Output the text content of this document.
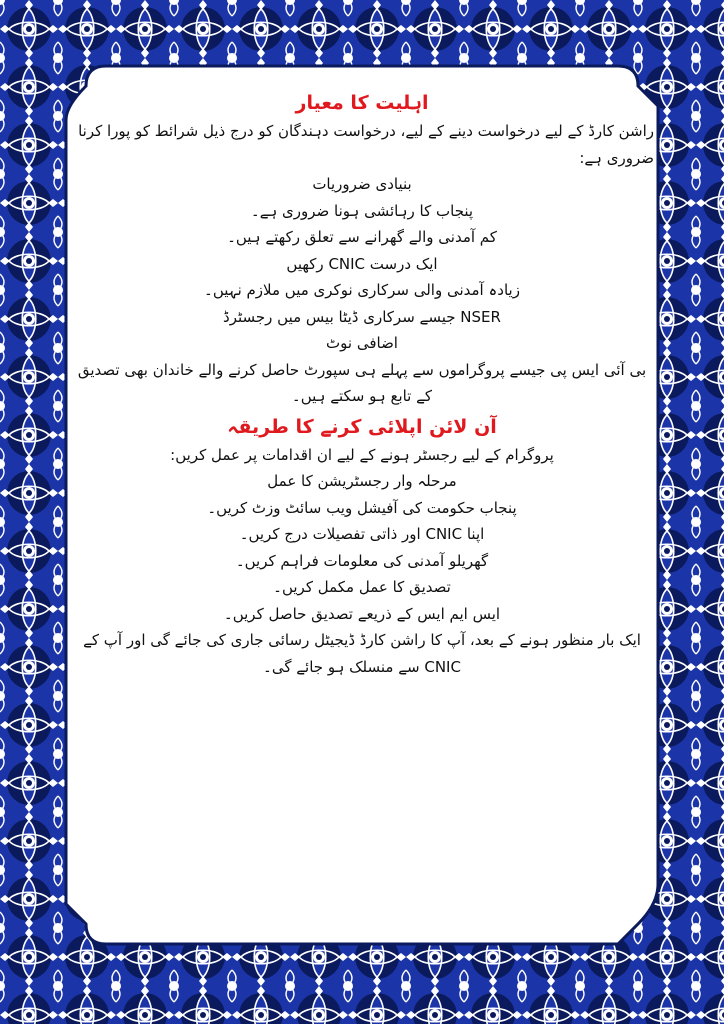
اہلیت کا معیار
راشن کارڈ کے لیے درخواست دینے کے لیے، درخواست دہندگان کو درج ذیل شرائط کو پورا کرنا ضروری ہے:
بنیادی ضروریات
پنجاب کا رہائشی ہونا ضروری ہے۔
کم آمدنی والے گھرانے سے تعلق رکھتے ہیں۔
ایک درست CNIC رکھیں
زیادہ آمدنی والی سرکاری نوکری میں ملازم نہیں۔
NSER جیسے سرکاری ڈیٹا بیس میں رجسٹرڈ
اضافی نوٹ
بی آئی ایس پی جیسے پروگراموں سے پہلے ہی سپورٹ حاصل کرنے والے خاندان بھی تصدیق کے تابع ہو سکتے ہیں۔
آن لائن اپلائی کرنے کا طریقہ
پروگرام کے لیے رجسٹر ہونے کے لیے ان اقدامات پر عمل کریں:
مرحلہ وار رجسٹریشن کا عمل
پنجاب حکومت کی آفیشل ویب سائٹ وزٹ کریں۔
اپنا CNIC اور ذاتی تفصیلات درج کریں۔
گھریلو آمدنی کی معلومات فراہم کریں۔
تصدیق کا عمل مکمل کریں۔
ایس ایم ایس کے ذریعے تصدیق حاصل کریں۔
ایک بار منظور ہونے کے بعد، آپ کا راشن کارڈ ڈیجیٹل رسائی جاری کی جائے گی اور آپ کے CNIC سے منسلک ہو جائے گی۔
